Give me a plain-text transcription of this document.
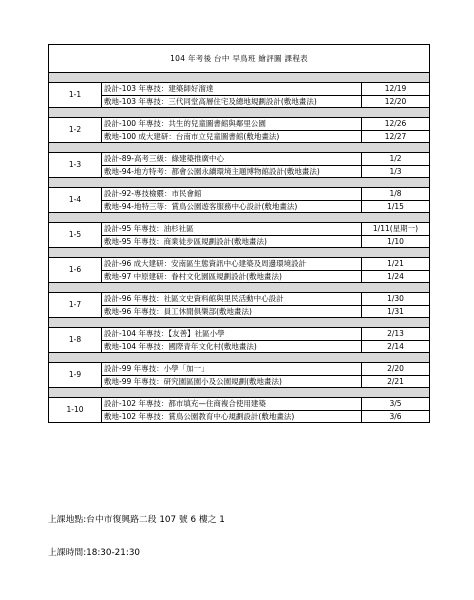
104 年考後 台中 早鳥班 繪評圖 課程表		

1-1	設計-103 年專技：建築師好溜達	12/19
	敷地-103 年專技：三代同堂高層住宅及總地規劃設計(敷地畫法)	12/20

1-2	設計-100 年專技：共生的兒童圖書館與鄰里公園	12/26
	敷地-100 成大建研：台南市立兒童圖書館(敷地畫法)	12/27

1-3	設計-89-高考三級：綠建築推廣中心	1/2
	敷地-94-地方特考：都會公園永續環境主題博物館設計(敷地畫法)	1/3

1-4	設計-92-專技檢覈：市民會館	1/8
	敷地-94-地特三等：賞鳥公園遊客服務中心設計(敷地畫法)	1/15

1-5	設計-95 年專技：油杉社區	1/11(星期一)
	敷地-95 年專技：商業徒步區規劃設計(敷地畫法)	1/10

1-6	設計-96 成大建研：安南區生態資訊中心建築及周邊環境設計	1/21
	敷地-97 中原建研：眷村文化園區規劃設計(敷地畫法)	1/24

1-7	設計-96 年專技：社區文史資料館與里民活動中心設計	1/30
	敷地-96 年專技：員工休閒俱樂部(敷地畫法)	1/31

1-8	設計-104 年專技：【友善】社區小學	2/13
	敷地-104 年專技：國際青年文化村(敷地畫法)	2/14

1-9	設計-99 年專技：小學「加一」	2/20
	敷地-99 年專技：研究園區園小及公園規劃(敷地畫法)	2/21

1-10	設計-102 年專技：都市填充—住商複合使用建築	3/5
	敷地-102 年專技：賞鳥公園教育中心規劃設計(敷地畫法)	3/6
上課地點:台中市復興路二段 107 號 6 樓之 1
上課時間:18:30-21:30
